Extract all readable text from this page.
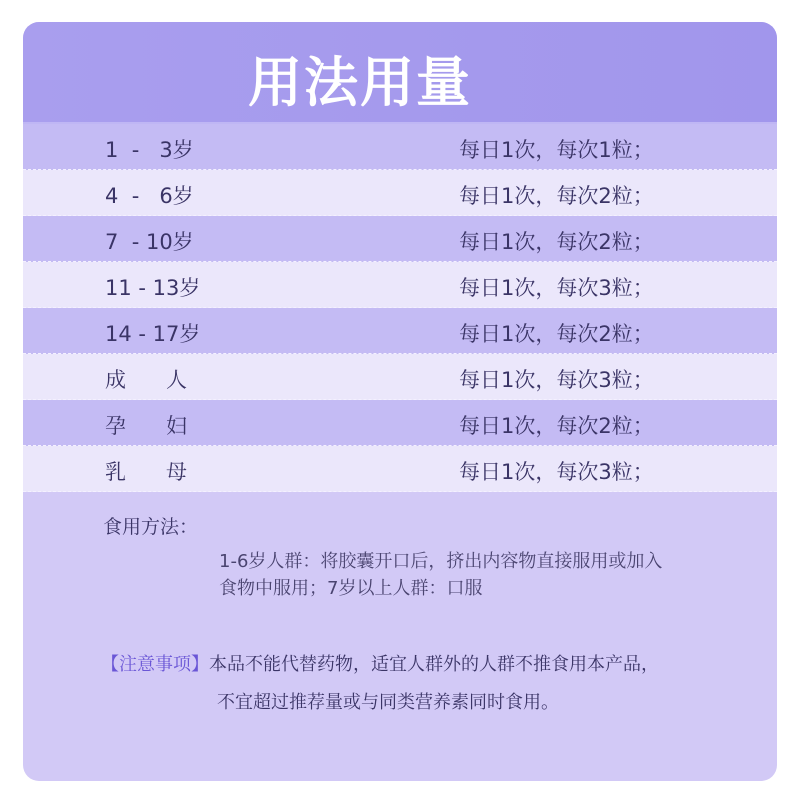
用法用量
1  -   3岁	每日1次，每次1粒；
4  -   6岁	每日1次，每次2粒；
7  - 10岁	每日1次，每次2粒；
11 - 13岁	每日1次，每次3粒；
14 - 17岁	每日1次，每次2粒；
成      人	每日1次，每次3粒；
孕      妇	每日1次，每次2粒；
乳      母	每日1次，每次3粒；
食用方法：
1-6岁人群：将胶囊开口后，挤出内容物直接服用或加入
食物中服用；7岁以上人群：口服
【注意事项】本品不能代替药物，适宜人群外的人群不推食用本产品，
不宜超过推荐量或与同类营养素同时食用。
